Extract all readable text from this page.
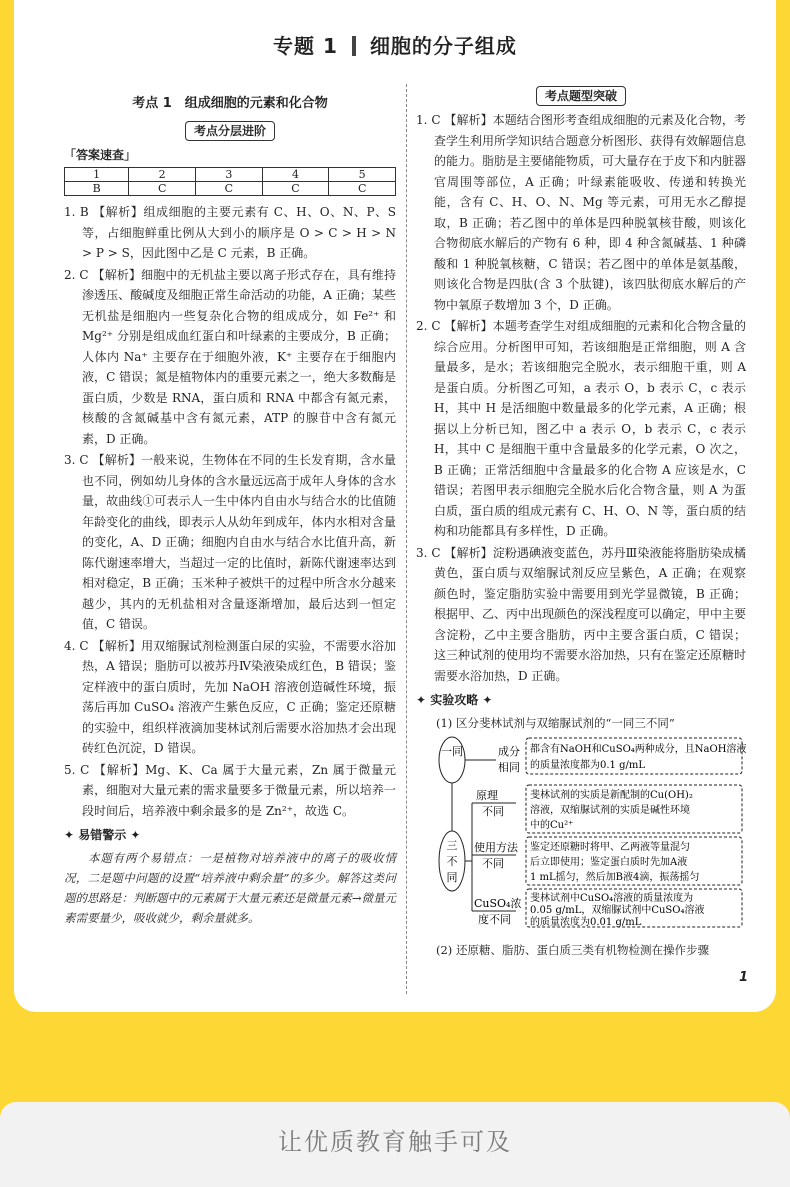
专题 1 细胞的分子组成
考点 1　组成细胞的元素和化合物
考点分层进阶
「答案速查」
1	2	3	4	5
B	C	C	C	C

1. B 【解析】组成细胞的主要元素有 C、H、O、N、P、S 等，占细胞鲜重比例从大到小的顺序是 O > C > H > N > P > S，因此图中乙是 C 元素，B 正确。

2. C 【解析】细胞中的无机盐主要以离子形式存在，具有维持渗透压、酸碱度及细胞正常生命活动的功能，A 正确；某些无机盐是细胞内一些复杂化合物的组成成分，如 Fe²⁺ 和 Mg²⁺ 分别是组成血红蛋白和叶绿素的主要成分，B 正确；人体内 Na⁺ 主要存在于细胞外液，K⁺ 主要存在于细胞内液，C 错误；氮是植物体内的重要元素之一，绝大多数酶是蛋白质，少数是 RNA，蛋白质和 RNA 中都含有氮元素，核酸的含氮碱基中含有氮元素，ATP 的腺苷中含有氮元素，D 正确。

3. C 【解析】一般来说，生物体在不同的生长发育期，含水量也不同，例如幼儿身体的含水量远远高于成年人身体的含水量，故曲线①可表示人一生中体内自由水与结合水的比值随年龄变化的曲线，即表示人从幼年到成年，体内水相对含量的变化，A、D 正确；细胞内自由水与结合水比值升高，新陈代谢速率增大，当超过一定的比值时，新陈代谢速率达到相对稳定，B 正确；玉米种子被烘干的过程中所含水分越来越少，其内的无机盐相对含量逐渐增加，最后达到一恒定值，C 错误。

4. C 【解析】用双缩脲试剂检测蛋白尿的实验，不需要水浴加热，A 错误；脂肪可以被苏丹Ⅳ染液染成红色，B 错误；鉴定样液中的蛋白质时，先加 NaOH 溶液创造碱性环境，振荡后再加 CuSO₄ 溶液产生紫色反应，C 正确；鉴定还原糖的实验中，组织样液滴加斐林试剂后需要水浴加热才会出现砖红色沉淀，D 错误。

5. C 【解析】Mg、K、Ca 属于大量元素，Zn 属于微量元素，细胞对大量元素的需求量要多于微量元素，所以培养一段时间后，培养液中剩余最多的是 Zn²⁺，故选 C。

✦ 易错警示 ✦
本题有两个易错点：一是植物对培养液中的离子的吸收情况，二是题中问题的设置“培养液中剩余量”的多少。解答这类问题的思路是：判断题中的元素属于大量元素还是微量元素→微量元素需要量少，吸收就少，剩余量就多。
考点题型突破

1. C 【解析】本题结合图形考查组成细胞的元素及化合物，考查学生利用所学知识结合题意分析图形、获得有效解题信息的能力。脂肪是主要储能物质，可大量存在于皮下和内脏器官周围等部位，A 正确；叶绿素能吸收、传递和转换光能，含有 C、H、O、N、Mg 等元素，可用无水乙醇提取，B 正确；若乙图中的单体是四种脱氧核苷酸，则该化合物彻底水解后的产物有 6 种，即 4 种含氮碱基、1 种磷酸和 1 种脱氧核糖，C 错误；若乙图中的单体是氨基酸，则该化合物是四肽(含 3 个肽键)，该四肽彻底水解后的产物中氧原子数增加 3 个，D 正确。

2. C 【解析】本题考查学生对组成细胞的元素和化合物含量的综合应用。分析图甲可知，若该细胞是正常细胞，则 A 含量最多，是水；若该细胞完全脱水，表示细胞干重，则 A 是蛋白质。分析图乙可知，a 表示 O，b 表示 C，c 表示 H，其中 H 是活细胞中数量最多的化学元素，A 正确；根据以上分析已知，图乙中 a 表示 O，b 表示 C，c 表示 H，其中 C 是细胞干重中含量最多的化学元素，O 次之，B 正确；正常活细胞中含量最多的化合物 A 应该是水，C 错误；若图甲表示细胞完全脱水后化合物含量，则 A 为蛋白质，蛋白质的组成元素有 C、H、O、N 等，蛋白质的结构和功能都具有多样性，D 正确。

3. C 【解析】淀粉遇碘液变蓝色，苏丹Ⅲ染液能将脂肪染成橘黄色，蛋白质与双缩脲试剂反应呈紫色，A 正确；在观察颜色时，鉴定脂肪实验中需要用到光学显微镜，B 正确；根据甲、乙、丙中出现颜色的深浅程度可以确定，甲中主要含淀粉，乙中主要含脂肪，丙中主要含蛋白质，C 错误；这三种试剂的使用均不需要水浴加热，只有在鉴定还原糖时需要水浴加热，D 正确。

✦ 实验攻略 ✦
(1) 区分斐林试剂与双缩脲试剂的“一同三不同”
一同	成分
相同
都含有NaOH和CuSO₄两种成分，且NaOH溶液
的质量浓度都为0.1 g/mL
三
不
同
原理
不同
斐林试剂的实质是新配制的Cu(OH)₂
溶液，双缩脲试剂的实质是碱性环境
中的Cu²⁺
使用方法
不同
鉴定还原糖时将甲、乙两液等量混匀
后立即使用；鉴定蛋白质时先加A液
1 mL摇匀，然后加B液4滴，振荡摇匀
CuSO₄浓
度不同
斐林试剂中CuSO₄溶液的质量浓度为
0.05 g/mL，双缩脲试剂中CuSO₄溶液
的质量浓度为0.01 g/mL
(2) 还原糖、脂肪、蛋白质三类有机物检测在操作步骤
1
让优质教育触手可及
